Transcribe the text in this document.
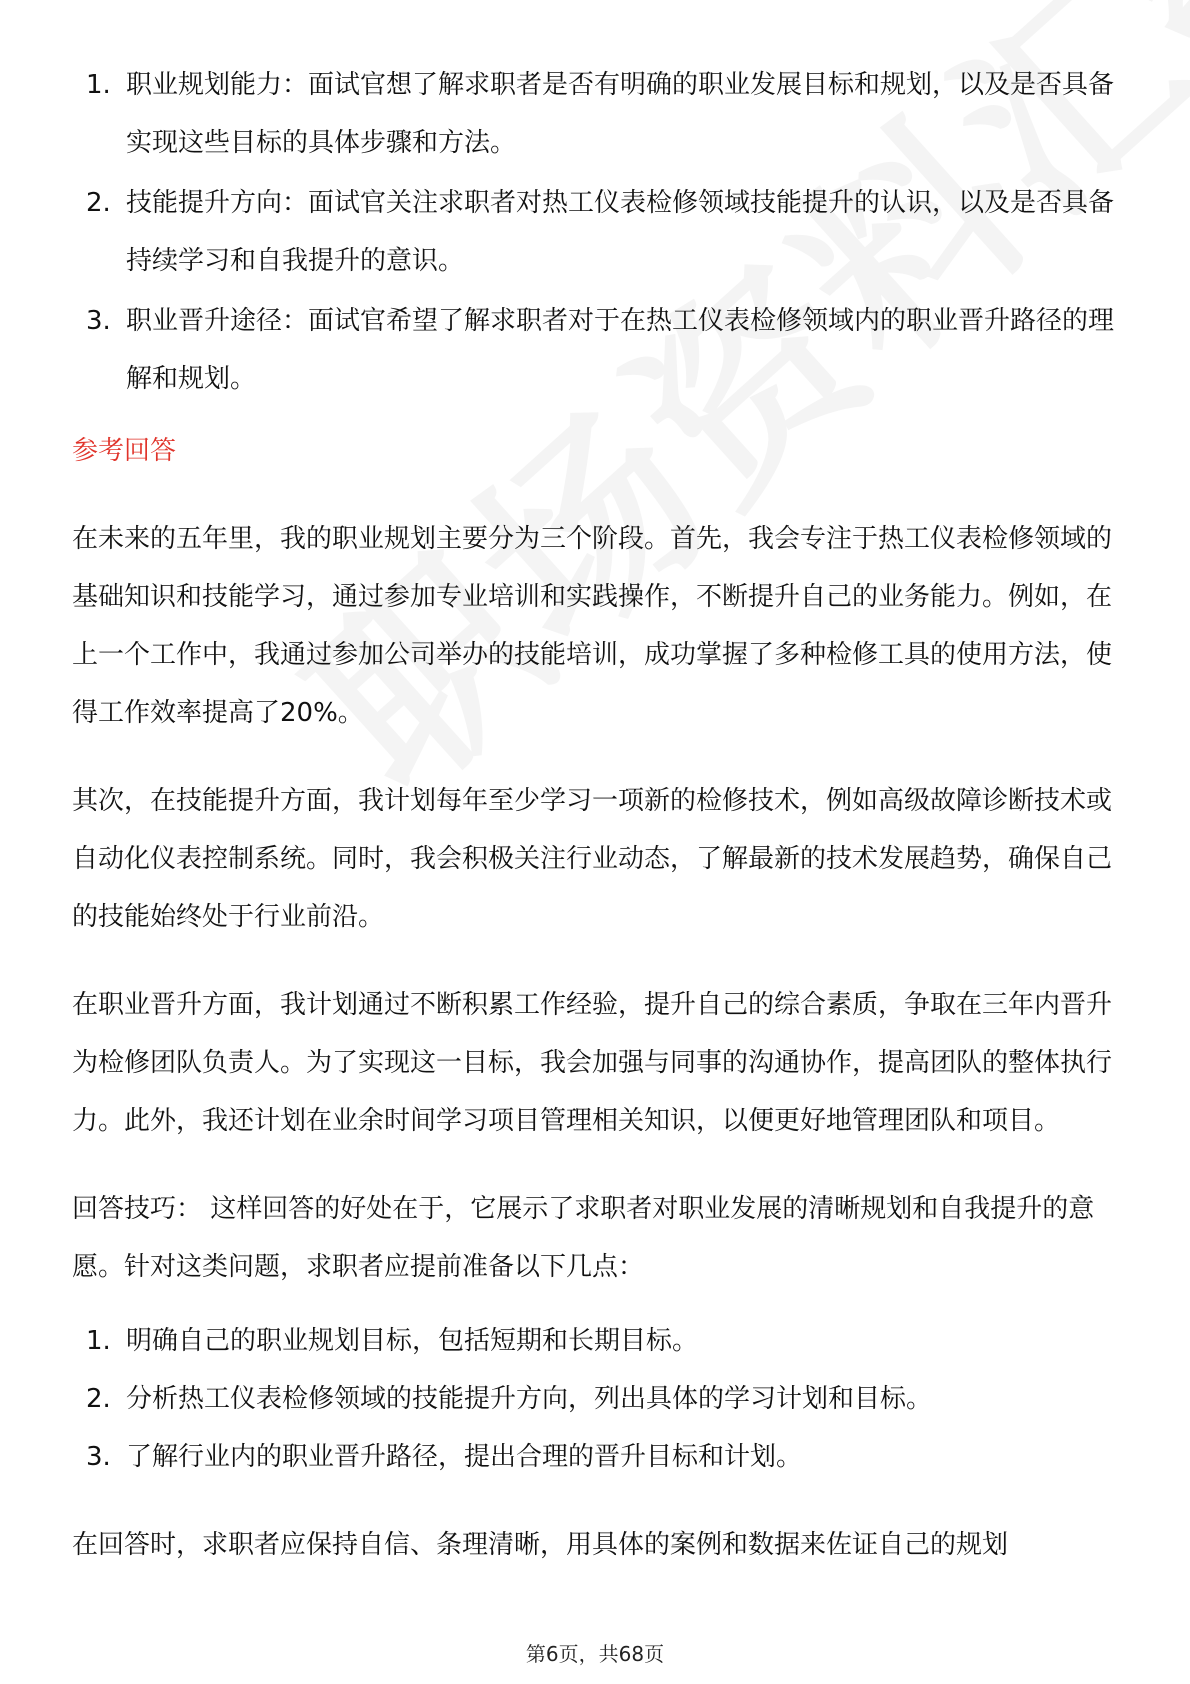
1. 职业规划能力：面试官想了解求职者是否有明确的职业发展目标和规划，以及是否具备实现这些目标的具体步骤和方法。
2. 技能提升方向：面试官关注求职者对热工仪表检修领域技能提升的认识，以及是否具备持续学习和自我提升的意识。
3. 职业晋升途径：面试官希望了解求职者对于在热工仪表检修领域内的职业晋升路径的理解和规划。
参考回答

在未来的五年里，我的职业规划主要分为三个阶段。首先，我会专注于热工仪表检修领域的基础知识和技能学习，通过参加专业培训和实践操作，不断提升自己的业务能力。例如，在上一个工作中，我通过参加公司举办的技能培训，成功掌握了多种检修工具的使用方法，使得工作效率提高了20%。

其次，在技能提升方面，我计划每年至少学习一项新的检修技术，例如高级故障诊断技术或自动化仪表控制系统。同时，我会积极关注行业动态，了解最新的技术发展趋势，确保自己的技能始终处于行业前沿。

在职业晋升方面，我计划通过不断积累工作经验，提升自己的综合素质，争取在三年内晋升为检修团队负责人。为了实现这一目标，我会加强与同事的沟通协作，提高团队的整体执行力。此外，我还计划在业余时间学习项目管理相关知识，以便更好地管理团队和项目。

回答技巧： 这样回答的好处在于，它展示了求职者对职业发展的清晰规划和自我提升的意愿。针对这类问题，求职者应提前准备以下几点：

1. 明确自己的职业规划目标，包括短期和长期目标。
2. 分析热工仪表检修领域的技能提升方向，列出具体的学习计划和目标。
3. 了解行业内的职业晋升路径，提出合理的晋升目标和计划。

在回答时，求职者应保持自信、条理清晰，用具体的案例和数据来佐证自己的规划

第6页，共68页
